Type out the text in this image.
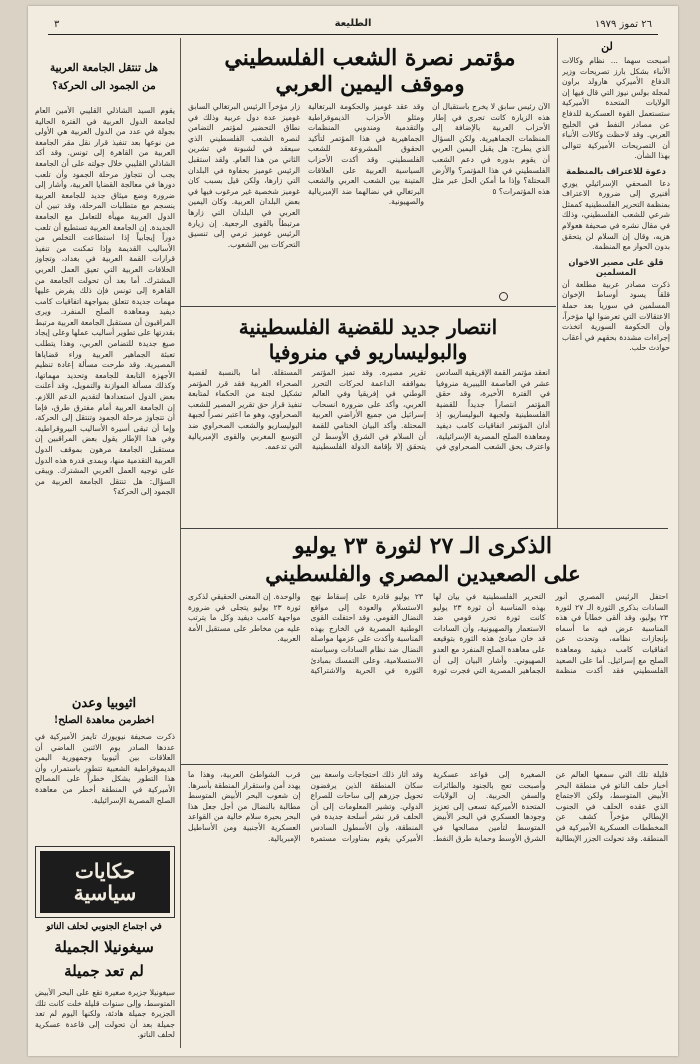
٢٦ تموز ١٩٧٩
الطليعة
٣
لن

أصبحت سهما ... نظام وكالات الأنباء بشكل بارز تصريحات وزير الدفاع الأميركي هارولد براون لمجلة بولس نيوز التي قال فيها إن الولايات المتحدة الأميركية ستستعمل القوة العسكرية للدفاع عن مصادر النفط في الخليج العربي. وقد لاحظت وكالات الأنباء أن التصريحات الأميركية تتوالى بهذا الشأن.

دعوة للاعتراف بالمنظمة

دعا الصحفي الإسرائيلي يوري أفنيري إلى ضرورة الاعتراف بمنظمة التحرير الفلسطينية كممثل شرعي للشعب الفلسطيني، وذلك في مقال نشره في صحيفة هعولام هزيه، وقال إن السلام لن يتحقق بدون الحوار مع المنظمة.

قلق على مصير الاخوان المسلمين

ذكرت مصادر عربية مطلعة أن قلقاً يسود أوساط الإخوان المسلمين في سوريا بعد حملة الاعتقالات التي تعرضوا لها مؤخراً، وأن الحكومة السورية اتخذت إجراءات مشددة بحقهم في أعقاب حوادث حلب.

مؤتمر نصرة الشعب الفلسطيني
وموقف اليمين العربي
زار مؤخراً الرئيس البرتغالي السابق غوميز عدة دول عربية وذلك في نطاق التحضير لمؤتمر التضامن لنصرة الشعب الفلسطيني الذي سيعقد في لشبونة في تشرين الثاني من هذا العام. ولقد استقبل الرئيس غوميز بحفاوة في البلدان التي زارها، ولكن قيل بسبب كان غوميز شخصية غير مرغوب فيها في بعض البلدان العربية. وكان اليمين العربي في البلدان التي زارها مرتبطاً بالقوى الرجعية. إن زيارة الرئيس غوميز ترمي إلى تنسيق التحركات بين الشعوب.
وقد عقد غوميز والحكومة البرتغالية ومثلو الأحزاب الديموقراطية والتقدمية ومندوبي المنظمات الجماهيرية في هذا المؤتمر لتأكيد الحقوق المشروعة للشعب الفلسطيني. وقد أكدت الأحزاب السياسية العربية على العلاقات المتينة بين الشعب العربي والشعب البرتغالي في نضالهما ضد الإمبريالية والصهيونية.
الآن رئيس سابق لا يخرج باستقبال أن هذه الزيارة كانت تجري في إطار الأحزاب العربية بالإضافة إلى المنظمات الجماهيرية. ولكن السؤال الذي يطرح: هل يقبل اليمين العربي أن يقوم بدوره في دعم الشعب الفلسطيني في هذا المؤتمر؟ والأرض المحتلة؟ وإذا ما أمكن الحل عبر مثل هذه المؤتمرات؟ ٥
انتصار جديد للقضية الفلسطينية
والبوليساريو في منروفيا
انعقد مؤتمر القمة الإفريقية السادس عشر في العاصمة الليبيرية منروفيا في الفترة الأخيرة، وقد حقق المؤتمر انتصاراً جديداً للقضية الفلسطينية ولجبهة البوليساريو، إذ أدان المؤتمر اتفاقيات كامب ديفيد ومعاهدة الصلح المصرية الإسرائيلية، واعترف بحق الشعب الصحراوي في تقرير مصيره. وقد تميز المؤتمر بمواقفه الداعمة لحركات التحرر الوطني في إفريقيا وفي العالم العربي، وأكد على ضرورة انسحاب إسرائيل من جميع الأراضي العربية المحتلة. وأكد البيان الختامي للقمة أن السلام في الشرق الأوسط لن يتحقق إلا بإقامة الدولة الفلسطينية المستقلة. أما بالنسبة لقضية الصحراء الغربية فقد قرر المؤتمر تشكيل لجنة من الحكماء لمتابعة تنفيذ قرار حق تقرير المصير للشعب الصحراوي، وهو ما اعتبر نصراً لجبهة البوليساريو والشعب الصحراوي ضد التوسع المغربي والقوى الإمبريالية التي تدعمه.
الذكرى الـ ٢٧ لثورة ٢٣ يوليو
على الصعيدين المصري والفلسطيني
احتفل الرئيس المصري أنور السادات بذكرى الثورة الـ ٢٧ لثورة ٢٣ يوليو، وقد ألقى خطاباً في هذه المناسبة عرض فيه ما أسماه بإنجازات نظامه، وتحدث عن اتفاقيات كامب ديفيد ومعاهدة الصلح مع إسرائيل. أما على الصعيد الفلسطيني فقد أكدت منظمة التحرير الفلسطينية في بيان لها بهذه المناسبة أن ثورة ٢٣ يوليو كانت ثورة تحرر قومي ضد الاستعمار والصهيونية، وأن السادات قد خان مبادئ هذه الثورة بتوقيعه على معاهدة الصلح المنفرد مع العدو الصهيوني. وأشار البيان إلى أن الجماهير المصرية التي فجرت ثورة ٢٣ يوليو قادرة على إسقاط نهج الاستسلام والعودة إلى مواقع النضال القومي. وقد احتفلت القوى الوطنية المصرية في الخارج بهذه المناسبة وأكدت على عزمها مواصلة النضال ضد نظام السادات وسياسته الاستسلامية، وعلى التمسك بمبادئ الثورة في الحرية والاشتراكية والوحدة. إن المعنى الحقيقي لذكرى ثورة ٢٣ يوليو يتجلى في ضرورة مواجهة كامب ديفيد وكل ما يترتب عليه من مخاطر على مستقبل الأمة العربية.
قليلة تلك التي سمعها العالم عن أخبار حلف الناتو في منطقة البحر الأبيض المتوسط، ولكن الاجتماع الذي عقده الحلف في الجنوب الإيطالي مؤخراً كشف عن المخططات العسكرية الأميركية في المنطقة. وقد تحولت الجزر الإيطالية الصغيرة إلى قواعد عسكرية وأصبحت تعج بالجنود والطائرات والسفن الحربية. إن الولايات المتحدة الأميركية تسعى إلى تعزيز وجودها العسكري في البحر الأبيض المتوسط لتأمين مصالحها في الشرق الأوسط وحماية طرق النفط. وقد أثار ذلك احتجاجات واسعة بين سكان المنطقة الذين يرفضون تحويل جزرهم إلى ساحات للصراع الدولي. وتشير المعلومات إلى أن الحلف قرر نشر أسلحة جديدة في المنطقة، وأن الأسطول السادس الأميركي يقوم بمناورات مستمرة قرب الشواطئ العربية، وهذا ما يهدد أمن واستقرار المنطقة بأسرها. إن شعوب البحر الأبيض المتوسط مطالبة بالنضال من أجل جعل هذا البحر بحيرة سلام خالية من القواعد العسكرية الأجنبية ومن الأساطيل الإمبريالية.
هل تنتقل الجامعة العربية
من الجمود الى الحركة؟
يقوم السيد الشاذلي القليبي الأمين العام لجامعة الدول العربية في الفترة الحالية بجولة في عدد من الدول العربية هي الأولى من نوعها بعد تنفيذ قرار نقل مقر الجامعة العربية من القاهرة إلى تونس. وقد أكد الشاذلي القليبي خلال جولته على أن الجامعة يجب أن تتجاوز مرحلة الجمود وأن تلعب دورها في معالجة القضايا العربية، وأشار إلى ضرورة وضع ميثاق جديد للجامعة العربية ينسجم مع متطلبات المرحلة، وقد تبين أن الدول العربية مهيأة للتعامل مع الجامعة الجديدة. إن الجامعة العربية تستطيع أن تلعب دوراً إيجابياً إذا استطاعت التخلص من الأساليب القديمة وإذا تمكنت من تنفيذ قرارات القمة العربية في بغداد، وتجاوز الخلافات العربية التي تعيق العمل العربي المشترك. أما بعد أن تحولت الجامعة من القاهرة إلى تونس فإن ذلك يفرض عليها مهمات جديدة تتعلق بمواجهة اتفاقيات كامب ديفيد ومعاهدة الصلح المنفرد. ويرى المراقبون أن مستقبل الجامعة العربية مرتبط بقدرتها على تطوير أساليب عملها وعلى إيجاد صيغ جديدة للتضامن العربي، وهذا يتطلب تعبئة الجماهير العربية وراء قضاياها المصيرية. وقد طرحت مسألة إعادة تنظيم الأجهزة التابعة للجامعة وتحديد مهماتها، وكذلك مسألة الموازنة والتمويل، وقد أعلنت بعض الدول استعدادها لتقديم الدعم اللازم. إن الجامعة العربية أمام مفترق طرق، فإما أن تتجاوز مرحلة الجمود وتنتقل إلى الحركة، وإما أن تبقى أسيرة الأساليب البيروقراطية. وفي هذا الإطار يقول بعض المراقبين إن مستقبل الجامعة مرهون بموقف الدول العربية التقدمية منها، وبمدى قدرة هذه الدول على توجيه العمل العربي المشترك. ويبقى السؤال: هل تنتقل الجامعة العربية من الجمود إلى الحركة؟
اثيوبيا وعدن
اخطرمن معاهدة الصلح!
ذكرت صحيفة نيويورك تايمز الأميركية في عددها الصادر يوم الاثنين الماضي أن العلاقات بين أثيوبيا وجمهورية اليمن الديموقراطية الشعبية تتطور باستمرار، وأن هذا التطور يشكل خطراً على المصالح الأميركية في المنطقة أخطر من معاهدة الصلح المصرية الإسرائيلية.
حكايات
سياسية
في اجتماع الجنوبي لحلف الناتو
سيغونيلا الجميلة
لم تعد جميلة
سيغونيلا جزيرة صغيرة تقع على البحر الأبيض المتوسط، وإلى سنوات قليلة خلت كانت تلك الجزيرة جميلة هادئة، ولكنها اليوم لم تعد جميلة بعد أن تحولت إلى قاعدة عسكرية لحلف الناتو.
